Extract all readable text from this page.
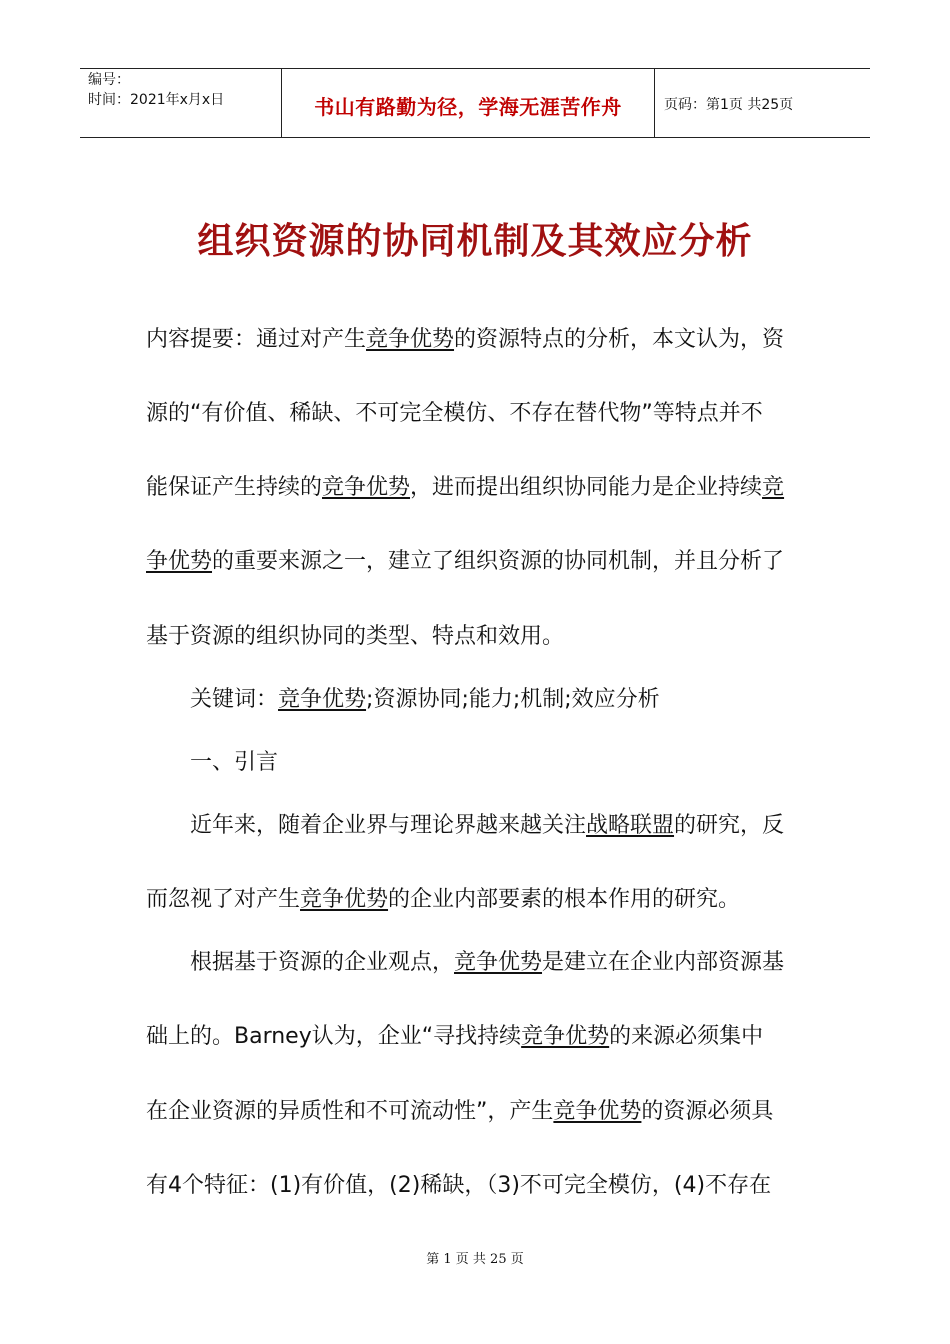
编号：
时间：2021年x月x日	书山有路勤为径，学海无涯苦作舟	页码：第1页 共25页
组织资源的协同机制及其效应分析
内容提要：通过对产生竞争优势的资源特点的分析，本文认为，资
源的“有价值、稀缺、不可完全模仿、不存在替代物”等特点并不
能保证产生持续的竞争优势，进而提出组织协同能力是企业持续竞
争优势的重要来源之一，建立了组织资源的协同机制，并且分析了
基于资源的组织协同的类型、特点和效用。
关键词：竞争优势;资源协同;能力;机制;效应分析
一、引言
近年来，随着企业界与理论界越来越关注战略联盟的研究，反
而忽视了对产生竞争优势的企业内部要素的根本作用的研究。
根据基于资源的企业观点，竞争优势是建立在企业内部资源基
础上的。Barney认为，企业“寻找持续竞争优势的来源必须集中
在企业资源的异质性和不可流动性”，产生竞争优势的资源必须具
有4个特征：(1)有价值，(2)稀缺，（3)不可完全模仿，(4)不存在
第 1 页 共 25 页
